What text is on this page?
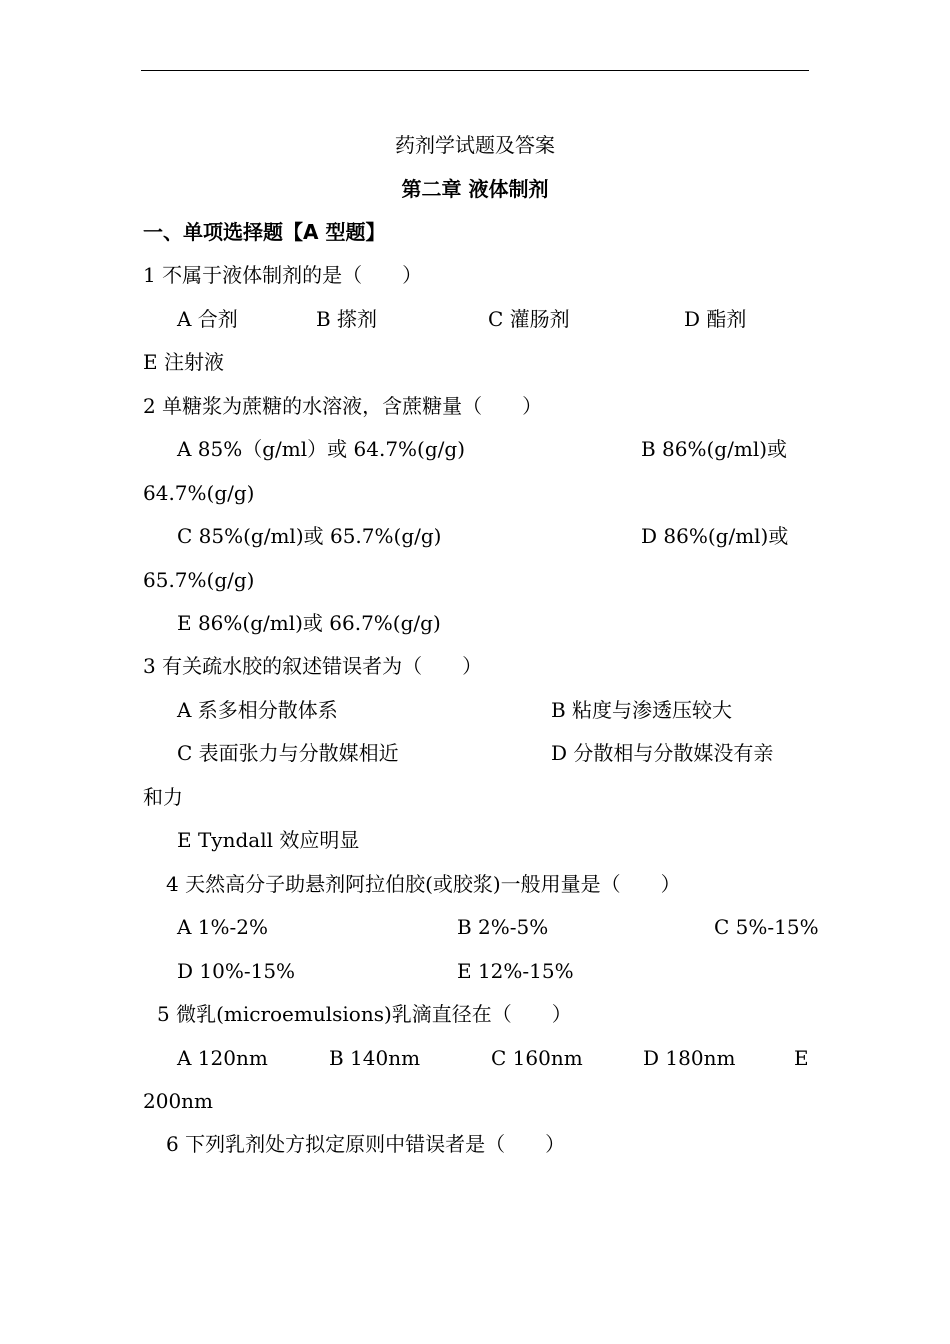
药剂学试题及答案
第二章 液体制剂
一、单项选择题【A 型题】
1 不属于液体制剂的是（　　）
A 合剂	B 搽剂	C 灌肠剂	D 酯剂
E 注射液
2 单糖浆为蔗糖的水溶液，含蔗糖量（　　）
A 85%（g/ml）或 64.7%(g/g)	B 86%(g/ml)或
64.7%(g/g)
C 85%(g/ml)或 65.7%(g/g)	D 86%(g/ml)或
65.7%(g/g)
E 86%(g/ml)或 66.7%(g/g)
3 有关疏水胶的叙述错误者为（　　）
A 系多相分散体系	B 粘度与渗透压较大
C 表面张力与分散媒相近	D 分散相与分散媒没有亲
和力
E Tyndall 效应明显
4 天然高分子助悬剂阿拉伯胶(或胶浆)一般用量是（　　）
A 1%-2%	B 2%-5%	C 5%-15%
D 10%-15%	E 12%-15%
5 微乳(microemulsions)乳滴直径在（　　）
A 120nm	B 140nm	C 160nm	D 180nm	E
200nm
6 下列乳剂处方拟定原则中错误者是（　　）
